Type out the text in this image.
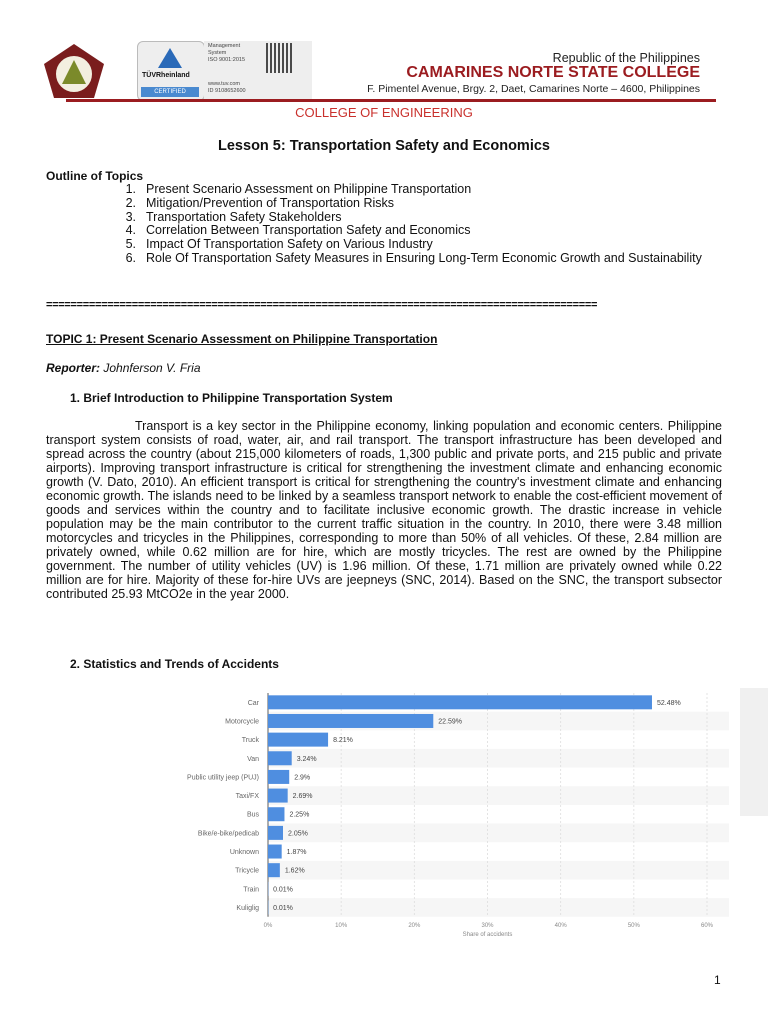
TÜVRheinland
CERTIFIED
Management
System
ISO 9001:2015
www.tuv.com
ID 9108652600
Republic of the Philippines
CAMARINES NORTE STATE COLLEGE
F. Pimentel Avenue, Brgy. 2, Daet, Camarines Norte – 4600, Philippines
COLLEGE OF ENGINEERING
Lesson 5: Transportation Safety and Economics
Outline of Topics
1. Present Scenario Assessment on Philippine Transportation
2. Mitigation/Prevention of Transportation Risks
3. Transportation Safety Stakeholders
4. Correlation Between Transportation Safety and Economics
5. Impact Of Transportation Safety on Various Industry
6. Role Of Transportation Safety Measures in Ensuring Long-Term Economic Growth and Sustainability
==========================================================================================
TOPIC 1: Present Scenario Assessment on Philippine Transportation
Reporter: Johnferson V. Fria
1. Brief Introduction to Philippine Transportation System
Transport is a key sector in the Philippine economy, linking population and economic centers. Philippine transport system consists of road, water, air, and rail transport. The transport infrastructure has been developed and spread across the country (about 215,000 kilometers of roads, 1,300 public and private ports, and 215 public and private airports). Improving transport infrastructure is critical for strengthening the investment climate and enhancing economic growth (V. Dato, 2010). An efficient transport is critical for strengthening the country's investment climate and enhancing economic growth. The islands need to be linked by a seamless transport network to enable the cost-efficient movement of goods and services within the country and to facilitate inclusive economic growth. The drastic increase in vehicle population may be the main contributor to the current traffic situation in the country. In 2010, there were 3.48 million motorcycles and tricycles in the Philippines, corresponding to more than 50% of all vehicles. Of these, 2.84 million are privately owned, while 0.62 million are for hire, which are mostly tricycles. The rest are owned by the Philippine government. The number of utility vehicles (UV) is 1.96 million. Of these, 1.71 million are privately owned while 0.22 million are for hire. Majority of these for-hire UVs are jeepneys (SNC, 2014). Based on the SNC, the transport subsector contributed 25.93 MtCO2e in the year 2000.
2. Statistics and Trends of Accidents
0%	10%	20%	30%	40%	50%	60%
Car	52.48%
Motorcycle	22.59%
Truck	8.21%
Van	3.24%
Public utility jeep (PUJ)	2.9%
Taxi/FX	2.69%
Bus	2.25%
Bike/e-bike/pedicab	2.05%
Unknown	1.87%
Tricycle	1.62%
Train 0.01%
Kuliglig 0.01%
Share of accidents
1
